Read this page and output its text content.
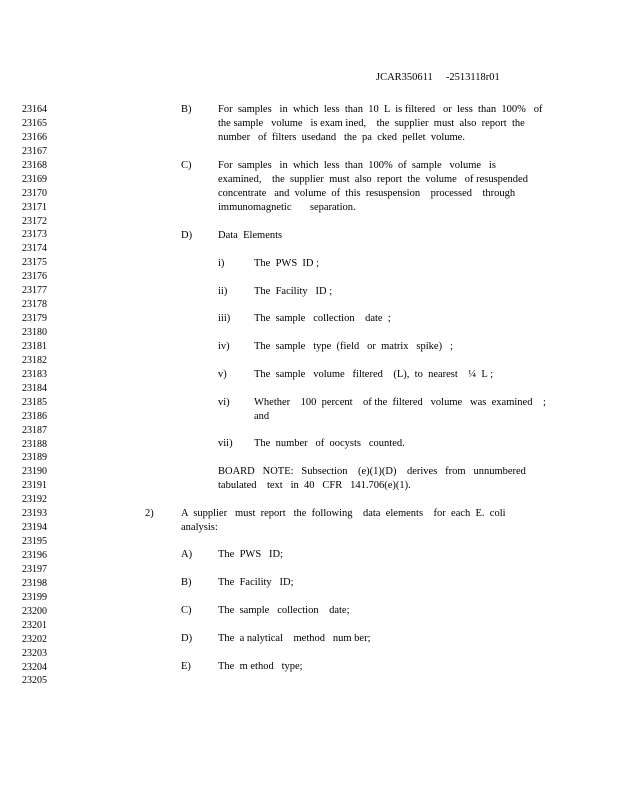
JCAR350611 -2513118r01
23164
23165
23166
23167
23168
23169
23170
23171
23172
23173
23174
23175
23176
23177
23178
23179
23180
23181
23182
23183
23184
23185
23186
23187
23188
23189
23190
23191
23192
23193
23194
23195
23196
23197
23198
23199
23200
23201
23202
23203
23204
23205
B)	For  samples   in  which  less  than  10  L  is filtered   or  less  than  100%   of
the sample   volume   is exam ined,    the  supplier  must  also  report  the
number   of  filters  usedand   the  pa  cked  pellet  volume.
C)	For  samples   in  which  less  than  100%  of  sample   volume   is
examined,    the  supplier  must  also  report  the  volume   of resuspended
concentrate   and  volume  of  this  resuspension    processed    through
immunomagnetic       separation.
D) Data  Elements
i)	The  PWS  ID ;
ii)	The  Facility   ID ;
iii) The  sample   collection    date  ;
iv) The  sample   type  (field   or  matrix   spike)   ;
v)	The  sample   volume   filtered    (L),  to  nearest    ¼  L ;
vi) Whether    100  percent    of the  filtered   volume   was  examined    ;
and
vii) The  number   of  oocysts   counted.
BOARD   NOTE:   Subsection    (e)(1)(D)    derives   from   unnumbered
tabulated    text   in  40   CFR   141.706(e)(1).
2)	A  supplier   must  report   the  following    data  elements    for  each  E.  coli
analysis:
A) The  PWS   ID;
B)	The  Facility   ID;
C)	The  sample   collection    date;
D) The  a nalytical    method   num ber;
E)	The  m ethod   type;
